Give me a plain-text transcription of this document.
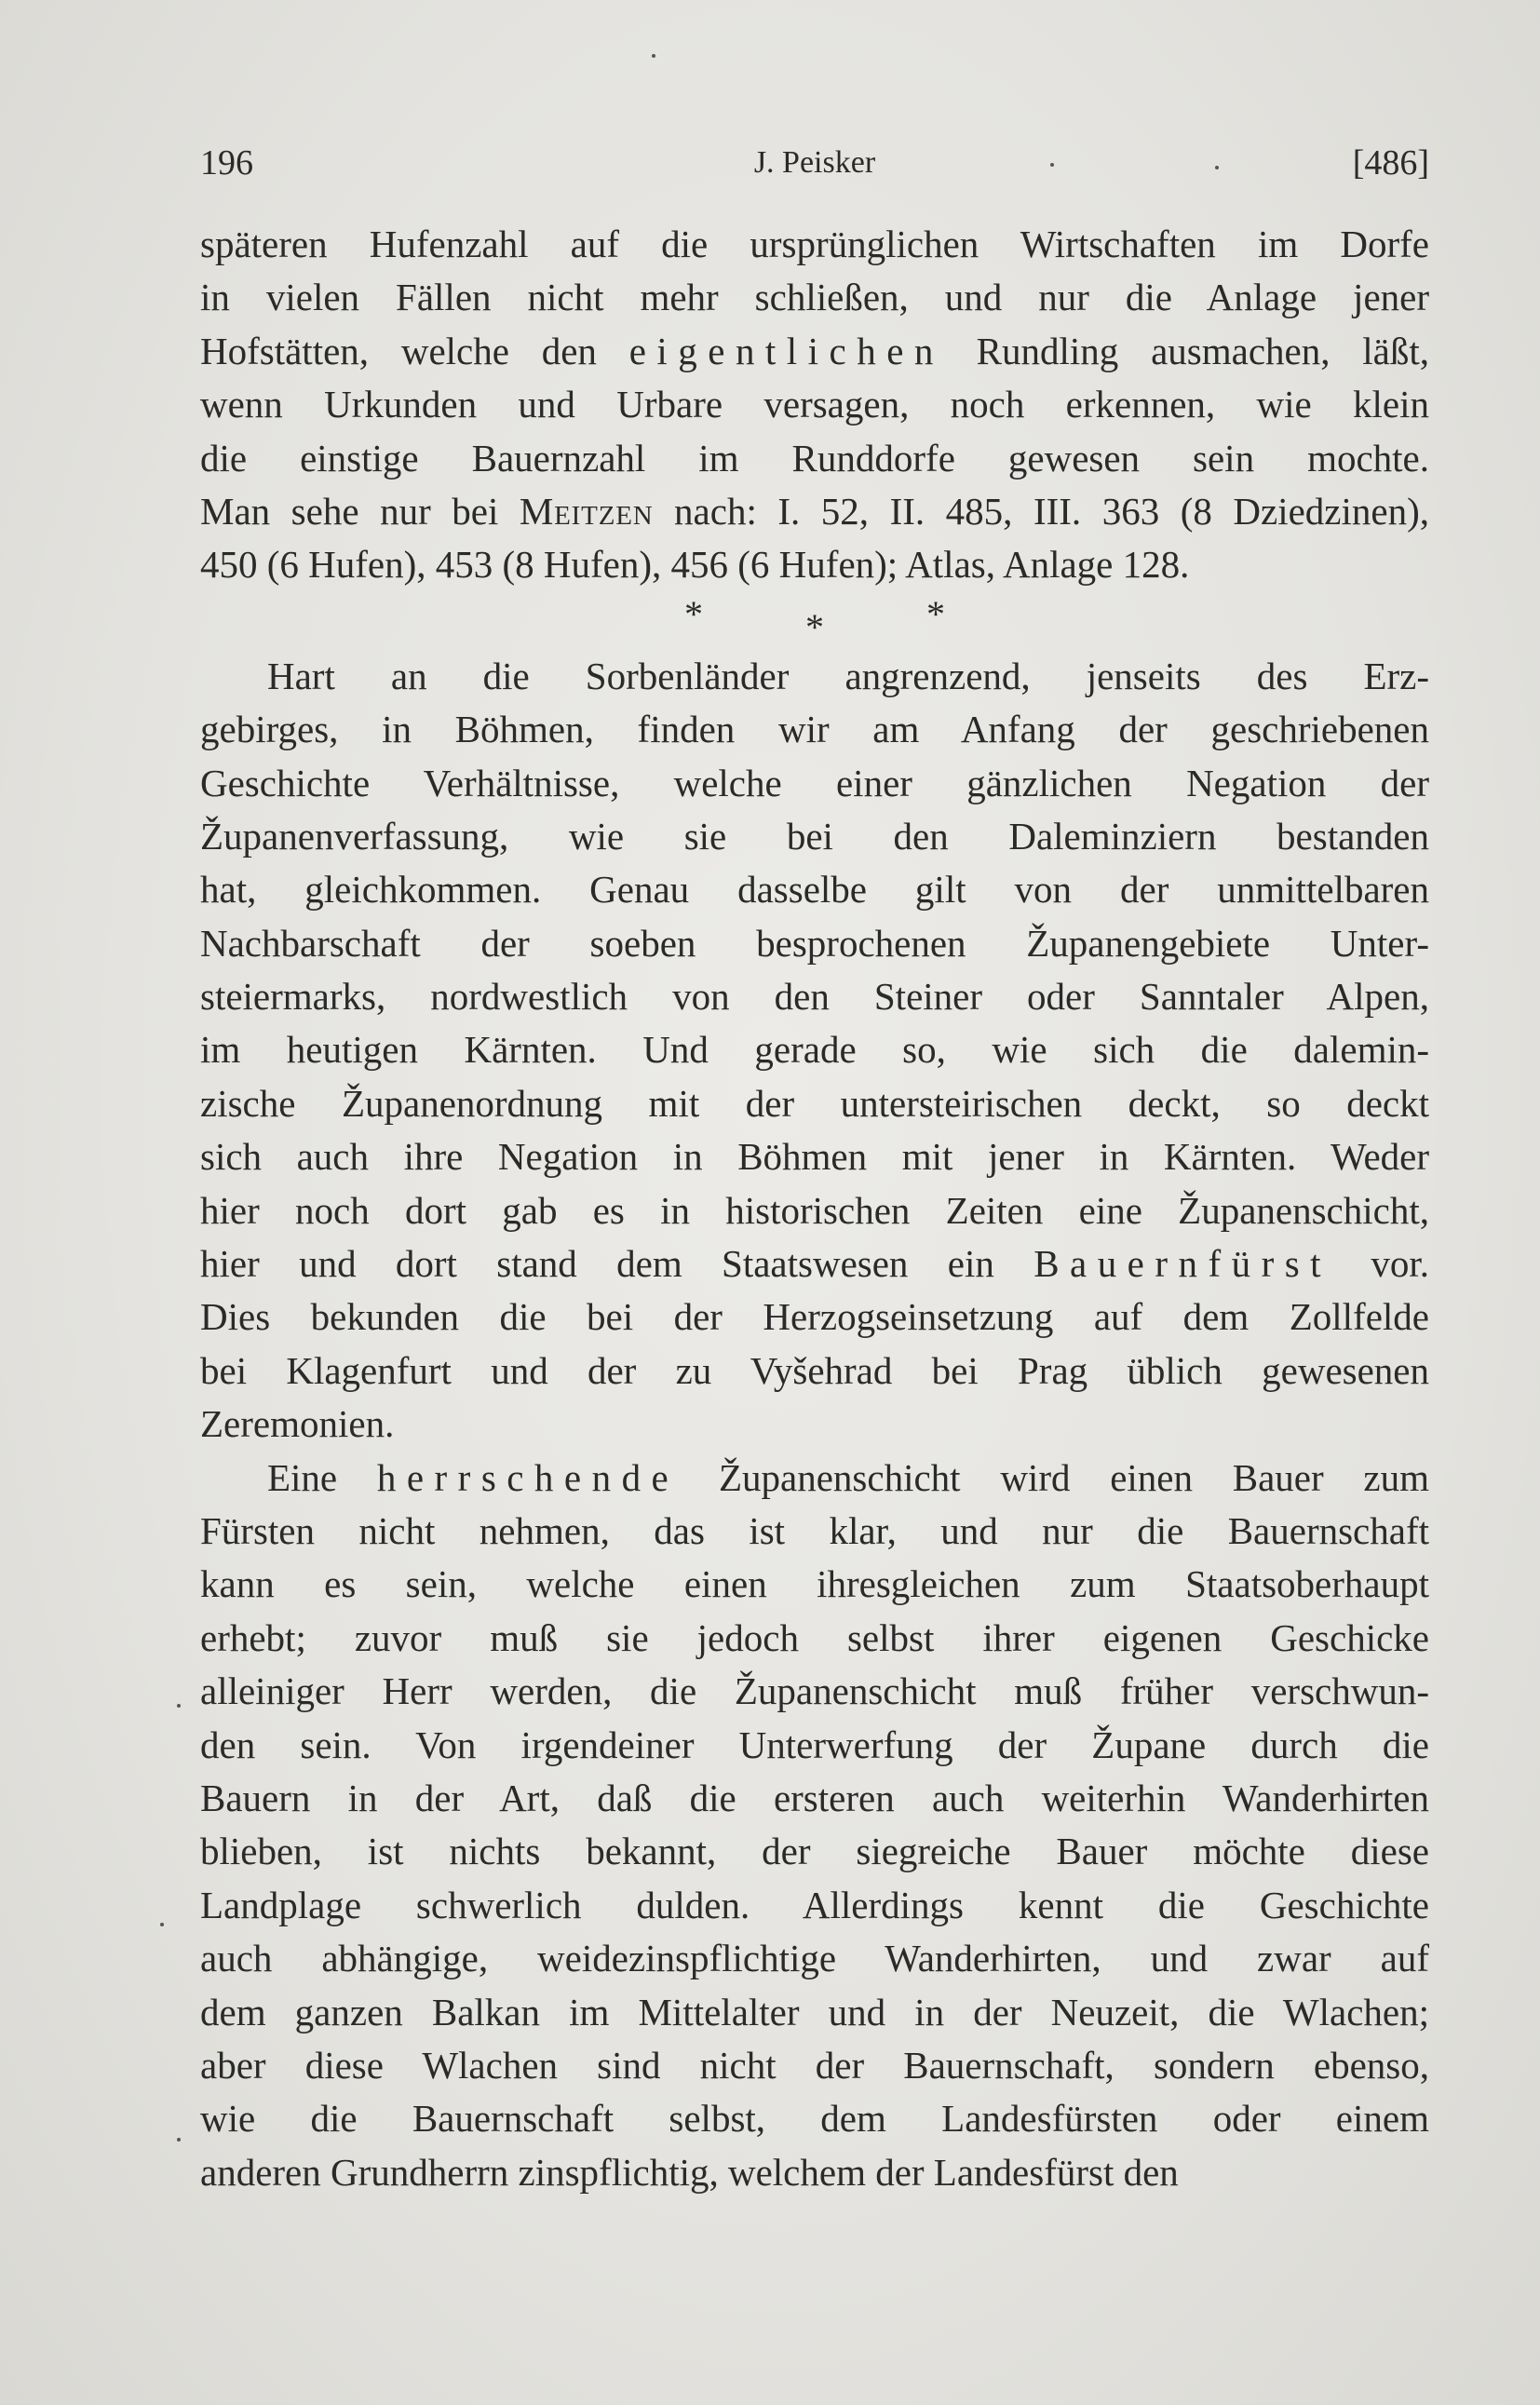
196	J. Peisker	[486]
späteren Hufenzahl auf die ursprünglichen Wirtschaften im Dorfe
in vielen Fällen nicht mehr schließen, und nur die Anlage jener
Hofstätten, welche den eigentlichen Rundling ausmachen, läßt,
wenn Urkunden und Urbare versagen, noch erkennen, wie klein
die einstige Bauernzahl im Runddorfe gewesen sein mochte.
Man sehe nur bei Meitzen nach: I. 52, II. 485, III. 363 (8 Dziedzinen),
450 (6 Hufen), 453 (8 Hufen), 456 (6 Hufen); Atlas, Anlage 128.
*	*	*
Hart an die Sorbenländer angrenzend, jenseits des Erz-
gebirges, in Böhmen, finden wir am Anfang der geschriebenen
Geschichte Verhältnisse, welche einer gänzlichen Negation der
Županenverfassung, wie sie bei den Daleminziern bestanden
hat, gleichkommen. Genau dasselbe gilt von der unmittelbaren
Nachbarschaft der soeben besprochenen Županengebiete Unter-
steiermarks, nordwestlich von den Steiner oder Sanntaler Alpen,
im heutigen Kärnten. Und gerade so, wie sich die dalemin-
zische Županenordnung mit der untersteirischen deckt, so deckt
sich auch ihre Negation in Böhmen mit jener in Kärnten. Weder
hier noch dort gab es in historischen Zeiten eine Županenschicht,
hier und dort stand dem Staatswesen ein Bauernfürst vor.
Dies bekunden die bei der Herzogseinsetzung auf dem Zollfelde
bei Klagenfurt und der zu Vyšehrad bei Prag üblich gewesenen
Zeremonien.
Eine herrschende Županenschicht wird einen Bauer zum
Fürsten nicht nehmen, das ist klar, und nur die Bauernschaft
kann es sein, welche einen ihresgleichen zum Staatsoberhaupt
erhebt; zuvor muß sie jedoch selbst ihrer eigenen Geschicke
alleiniger Herr werden, die Županenschicht muß früher verschwun-
den sein. Von irgendeiner Unterwerfung der Župane durch die
Bauern in der Art, daß die ersteren auch weiterhin Wanderhirten
blieben, ist nichts bekannt, der siegreiche Bauer möchte diese
Landplage schwerlich dulden. Allerdings kennt die Geschichte
auch abhängige, weidezinspflichtige Wanderhirten, und zwar auf
dem ganzen Balkan im Mittelalter und in der Neuzeit, die Wlachen;
aber diese Wlachen sind nicht der Bauernschaft, sondern ebenso,
wie die Bauernschaft selbst, dem Landesfürsten oder einem
anderen Grundherrn zinspflichtig, welchem der Landesfürst den
